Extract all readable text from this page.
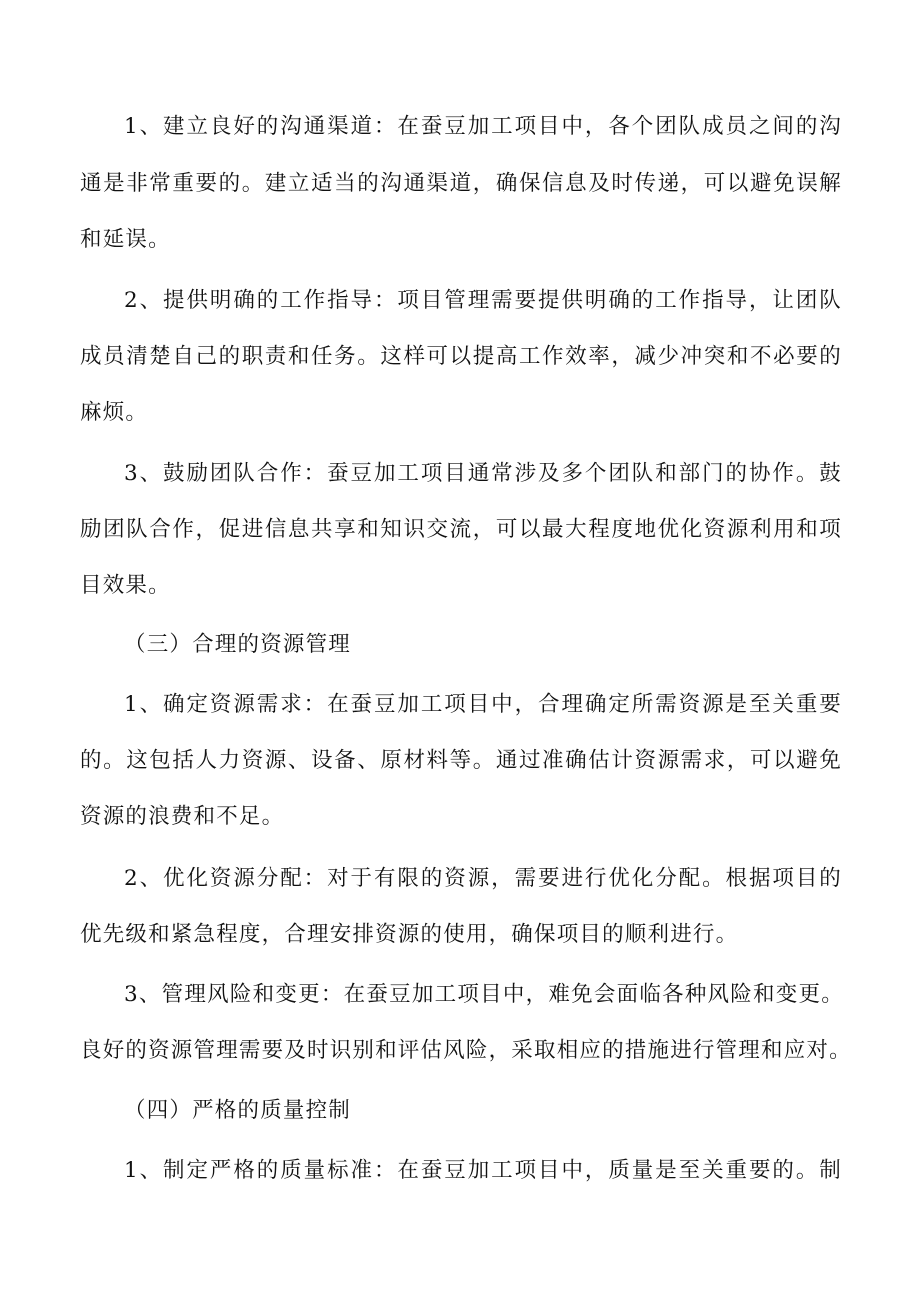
1、建立良好的沟通渠道：在蚕豆加工项目中，各个团队成员之间的沟
通是非常重要的。建立适当的沟通渠道，确保信息及时传递，可以避免误解
和延误。
2、提供明确的工作指导：项目管理需要提供明确的工作指导，让团队
成员清楚自己的职责和任务。这样可以提高工作效率，减少冲突和不必要的
麻烦。
3、鼓励团队合作：蚕豆加工项目通常涉及多个团队和部门的协作。鼓
励团队合作，促进信息共享和知识交流，可以最大程度地优化资源利用和项
目效果。
（三）合理的资源管理
1、确定资源需求：在蚕豆加工项目中，合理确定所需资源是至关重要
的。这包括人力资源、设备、原材料等。通过准确估计资源需求，可以避免
资源的浪费和不足。
2、优化资源分配：对于有限的资源，需要进行优化分配。根据项目的
优先级和紧急程度，合理安排资源的使用，确保项目的顺利进行。
3、管理风险和变更：在蚕豆加工项目中，难免会面临各种风险和变更。
良好的资源管理需要及时识别和评估风险，采取相应的措施进行管理和应对。
（四）严格的质量控制
1、制定严格的质量标准：在蚕豆加工项目中，质量是至关重要的。制
